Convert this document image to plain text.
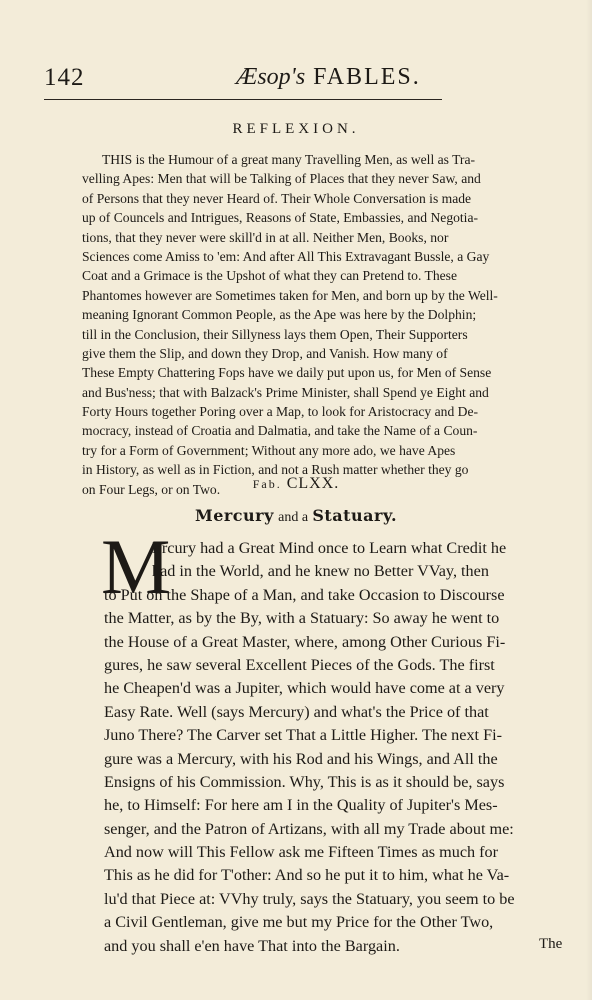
142	Æsop's FABLES.
REFLEXION.
THIS is the Humour of a great many Travelling Men, as well as Tra-
velling Apes: Men that will be Talking of Places that they never Saw, and
of Persons that they never Heard of. Their Whole Conversation is made
up of Councels and Intrigues, Reasons of State, Embassies, and Negotia-
tions, that they never were skill'd in at all. Neither Men, Books, nor
Sciences come Amiss to 'em: And after All This Extravagant Bussle, a Gay
Coat and a Grimace is the Upshot of what they can Pretend to. These
Phantomes however are Sometimes taken for Men, and born up by the Well-
meaning Ignorant Common People, as the Ape was here by the Dolphin;
till in the Conclusion, their Sillyness lays them Open, Their Supporters
give them the Slip, and down they Drop, and Vanish. How many of
These Empty Chattering Fops have we daily put upon us, for Men of Sense
and Bus'ness; that with Balzack's Prime Minister, shall Spend ye Eight and
Forty Hours together Poring over a Map, to look for Aristocracy and De-
mocracy, instead of Croatia and Dalmatia, and take the Name of a Coun-
try for a Form of Government; Without any more ado, we have Apes
in History, as well as in Fiction, and not a Rush matter whether they go
on Four Legs, or on Two.	Fab. CLXX.
Mercury and a Statuary.
M
Ercury had a Great Mind once to Learn what Credit he
had in the World, and he knew no Better VVay, then
to Put on the Shape of a Man, and take Occasion to Discourse
the Matter, as by the By, with a Statuary: So away he went to
the House of a Great Master, where, among Other Curious Fi-
gures, he saw several Excellent Pieces of the Gods. The first
he Cheapen'd was a Jupiter, which would have come at a very
Easy Rate. Well (says Mercury) and what's the Price of that
Juno There? The Carver set That a Little Higher. The next Fi-
gure was a Mercury, with his Rod and his Wings, and All the
Ensigns of his Commission. Why, This is as it should be, says
he, to Himself: For here am I in the Quality of Jupiter's Mes-
senger, and the Patron of Artizans, with all my Trade about me:
And now will This Fellow ask me Fifteen Times as much for
This as he did for T'other: And so he put it to him, what he Va-
lu'd that Piece at: VVhy truly, says the Statuary, you seem to be
a Civil Gentleman, give me but my Price for the Other Two,
and you shall e'en have That into the Bargain.	The
